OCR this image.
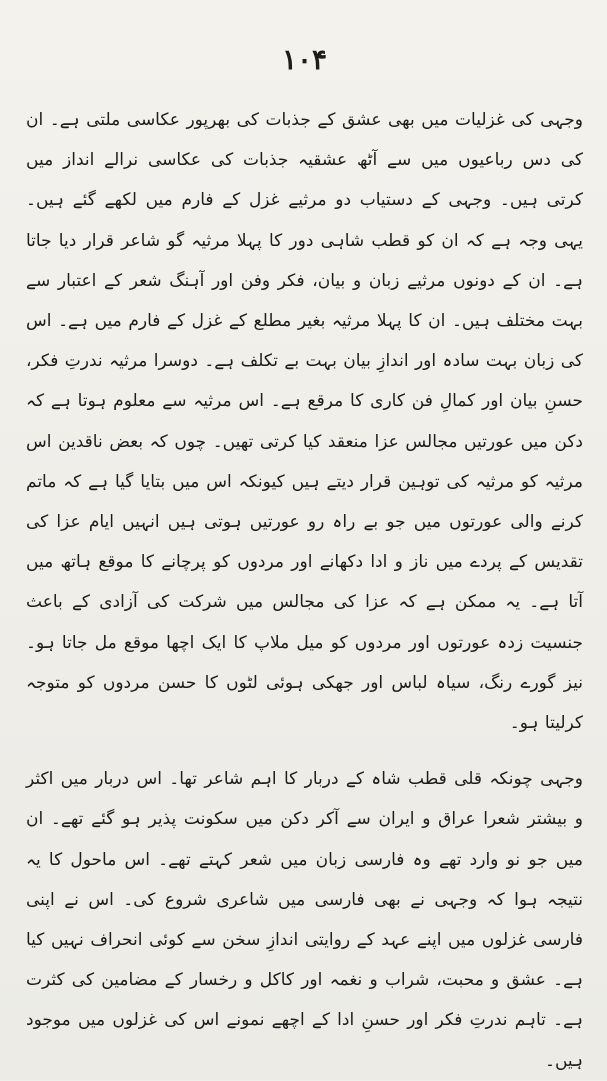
۱۰۴

وجہی کی غزلیات میں بھی عشق کے جذبات کی بھرپور عکاسی ملتی ہے۔ ان کی دس رباعیوں میں سے آٹھ عشقیہ جذبات کی عکاسی نرالے انداز میں کرتی ہیں۔ وجہی کے دستیاب دو مرثیے غزل کے فارم میں لکھے گئے ہیں۔ یہی وجہ ہے کہ ان کو قطب شاہی دور کا پہلا مرثیہ گو شاعر قرار دیا جاتا ہے۔ ان کے دونوں مرثیے زبان و بیان، فکر وفن اور آہنگ شعر کے اعتبار سے بہت مختلف ہیں۔ ان کا پہلا مرثیہ بغیر مطلع کے غزل کے فارم میں ہے۔ اس کی زبان بہت سادہ اور اندازِ بیان بہت بے تکلف ہے۔ دوسرا مرثیہ ندرتِ فکر، حسنِ بیان اور کمالِ فن کاری کا مرقع ہے۔ اس مرثیہ سے معلوم ہوتا ہے کہ دکن میں عورتیں مجالس عزا منعقد کیا کرتی تھیں۔ چوں کہ بعض ناقدین اس مرثیہ کو مرثیہ کی توہین قرار دیتے ہیں کیونکہ اس میں بتایا گیا ہے کہ ماتم کرنے والی عورتوں میں جو بے راہ رو عورتیں ہوتی ہیں انہیں ایام عزا کی تقدیس کے پردے میں ناز و ادا دکھانے اور مردوں کو پرچانے کا موقع ہاتھ میں آتا ہے۔ یہ ممکن ہے کہ عزا کی مجالس میں شرکت کی آزادی کے باعث جنسیت زدہ عورتوں اور مردوں کو میل ملاپ کا ایک اچھا موقع مل جاتا ہو۔ نیز گورے رنگ، سیاہ لباس اور جھکی ہوئی لٹوں کا حسن مردوں کو متوجہ کرلیتا ہو۔

وجہی چونکہ قلی قطب شاہ کے دربار کا اہم شاعر تھا۔ اس دربار میں اکثر و بیشتر شعرا عراق و ایران سے آکر دکن میں سکونت پذیر ہو گئے تھے۔ ان میں جو نو وارد تھے وہ فارسی زبان میں شعر کہتے تھے۔ اس ماحول کا یہ نتیجہ ہوا کہ وجہی نے بھی فارسی میں شاعری شروع کی۔ اس نے اپنی فارسی غزلوں میں اپنے عہد کے روایتی اندازِ سخن سے کوئی انحراف نہیں کیا ہے۔ عشق و محبت، شراب و نغمہ اور کاکل و رخسار کے مضامین کی کثرت ہے۔ تاہم ندرتِ فکر اور حسنِ ادا کے اچھے نمونے اس کی غزلوں میں موجود ہیں۔
